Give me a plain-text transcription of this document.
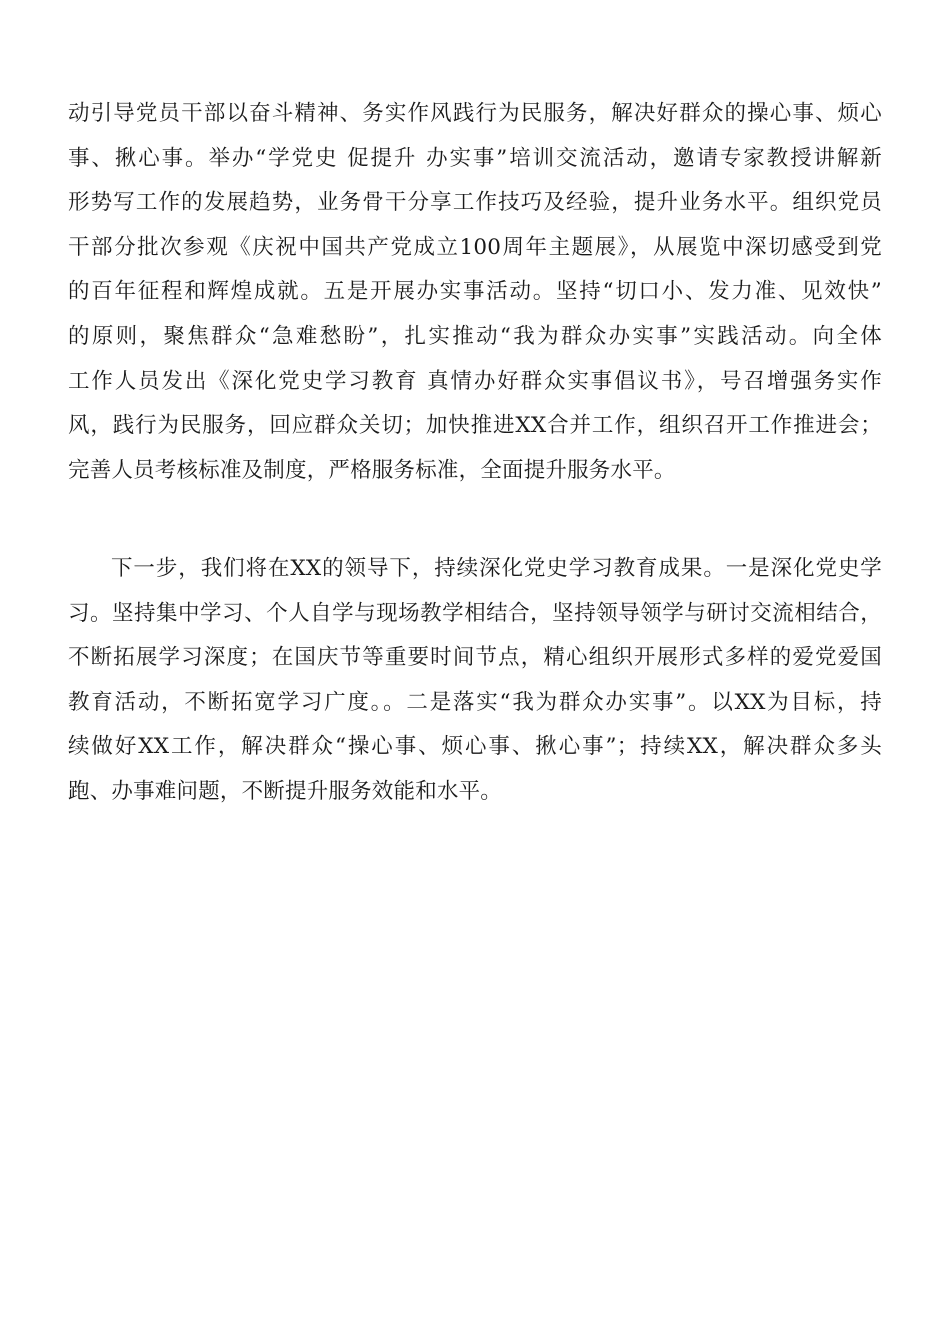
动引导党员干部以奋斗精神、务实作风践行为民服务，解决好群众的操心事、烦心
事、揪心事。举办“学党史 促提升 办实事”培训交流活动，邀请专家教授讲解新
形势写工作的发展趋势，业务骨干分享工作技巧及经验，提升业务水平。组织党员
干部分批次参观《庆祝中国共产党成立100周年主题展》，从展览中深切感受到党
的百年征程和辉煌成就。五是开展办实事活动。坚持“切口小、发力准、见效快”
的原则，聚焦群众“急难愁盼”，扎实推动“我为群众办实事”实践活动。向全体
工作人员发出《深化党史学习教育 真情办好群众实事倡议书》，号召增强务实作
风，践行为民服务，回应群众关切；加快推进XX合并工作，组织召开工作推进会；
完善人员考核标准及制度，严格服务标准，全面提升服务水平。
下一步，我们将在XX的领导下，持续深化党史学习教育成果。一是深化党史学
习。坚持集中学习、个人自学与现场教学相结合，坚持领导领学与研讨交流相结合，
不断拓展学习深度；在国庆节等重要时间节点，精心组织开展形式多样的爱党爱国
教育活动，不断拓宽学习广度。。二是落实“我为群众办实事”。以XX为目标，持
续做好XX工作，解决群众“操心事、烦心事、揪心事”；持续XX，解决群众多头
跑、办事难问题，不断提升服务效能和水平。
